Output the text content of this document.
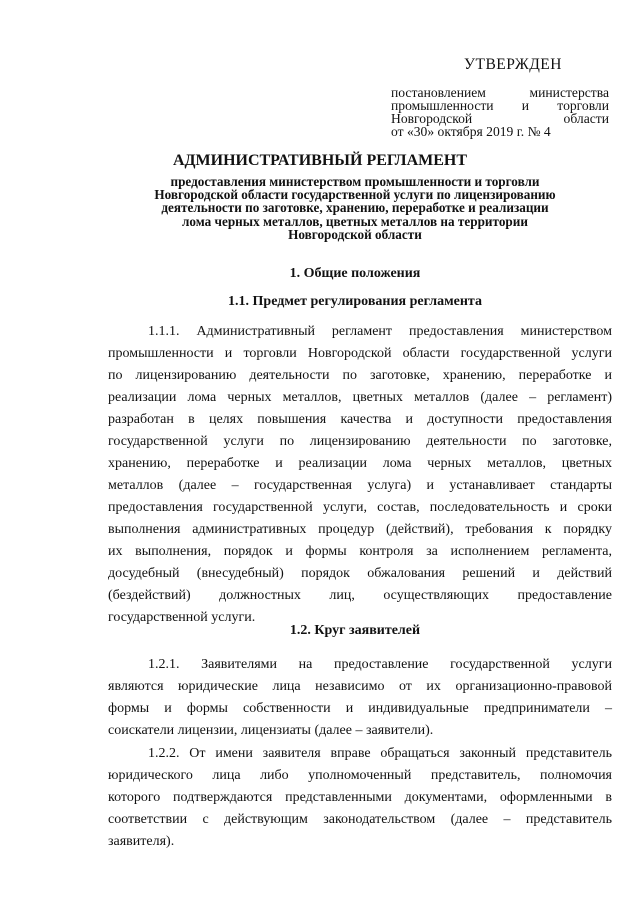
УТВЕРЖДЕН
постановлением министерства
промышленности и торговли
Новгородской области
от «30» октября 2019 г. № 4
АДМИНИСТРАТИВНЫЙ РЕГЛАМЕНТ
предоставления министерством промышленности и торговли
Новгородской области государственной услуги по лицензированию
деятельности по заготовке, хранению, переработке и реализации
лома черных металлов, цветных металлов на территории
Новгородской области
1. Общие положения
1.1. Предмет регулирования регламента
1.1.1. Административный регламент предоставления министерством
промышленности и торговли Новгородской области государственной услуги
по лицензированию деятельности по заготовке, хранению, переработке и
реализации лома черных металлов, цветных металлов (далее – регламент)
разработан в целях повышения качества и доступности предоставления
государственной услуги по лицензированию деятельности по заготовке,
хранению, переработке и реализации лома черных металлов, цветных
металлов (далее – государственная услуга) и устанавливает стандарты
предоставления государственной услуги, состав, последовательность и сроки
выполнения административных процедур (действий), требования к порядку
их выполнения, порядок и формы контроля за исполнением регламента,
досудебный (внесудебный) порядок обжалования решений и действий
(бездействий) должностных лиц, осуществляющих предоставление
государственной услуги.
1.2. Круг заявителей
1.2.1. Заявителями на предоставление государственной услуги
являются юридические лица независимо от их организационно-правовой
формы и формы собственности и индивидуальные предприниматели –
соискатели лицензии, лицензиаты (далее – заявители).
1.2.2. От имени заявителя вправе обращаться законный представитель
юридического лица либо уполномоченный представитель, полномочия
которого подтверждаются представленными документами, оформленными в
соответствии с действующим законодательством (далее – представитель
заявителя).
